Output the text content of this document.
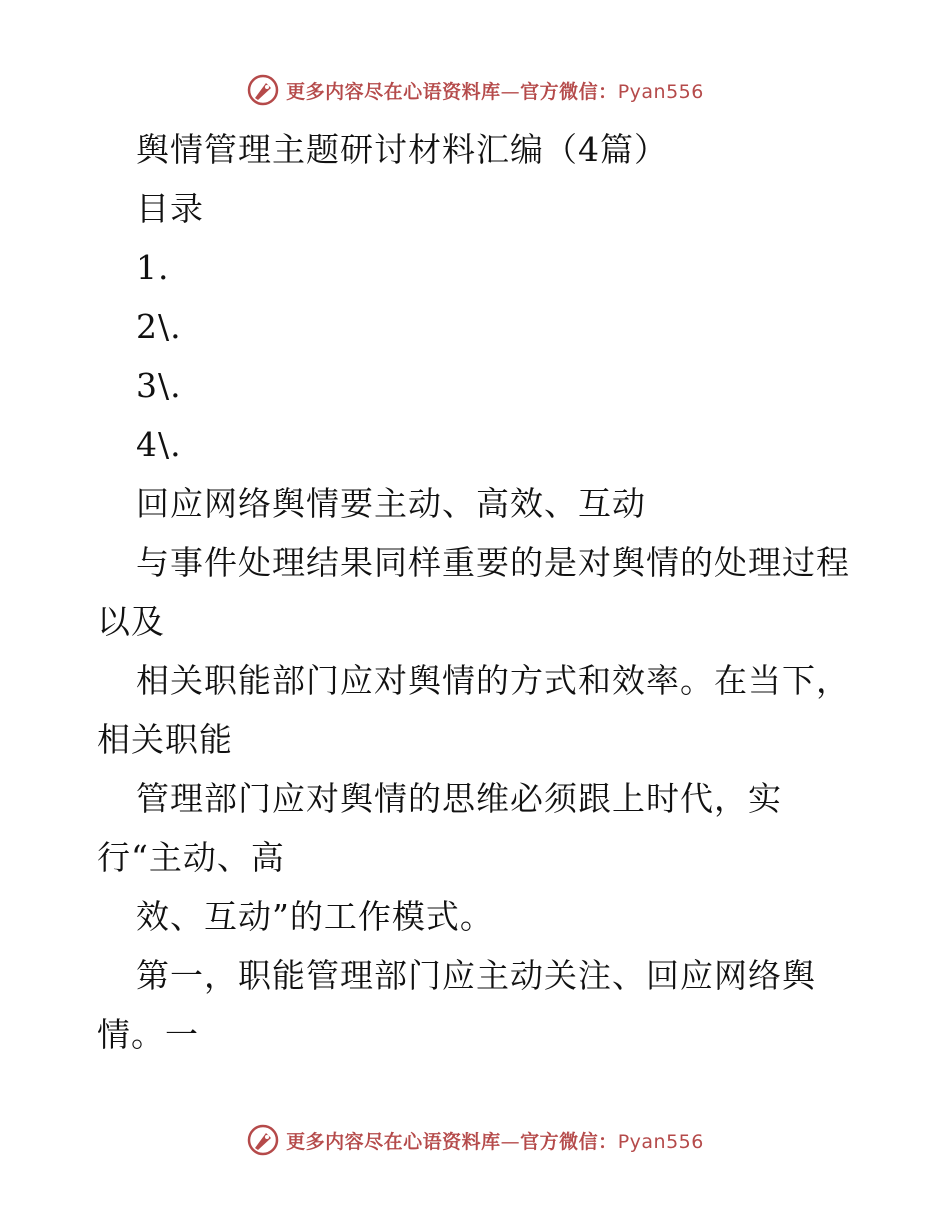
更多内容尽在心语资料库—官方微信：Pyan556
舆情管理主题研讨材料汇编（4篇）
目录
1.
2\.
3\.
4\.
回应网络舆情要主动、高效、互动
与事件处理结果同样重要的是对舆情的处理过程
以及
相关职能部门应对舆情的方式和效率。在当下，
相关职能
管理部门应对舆情的思维必须跟上时代，实
行“主动、高
效、互动”的工作模式。
第一，职能管理部门应主动关注、回应网络舆
情。一
更多内容尽在心语资料库—官方微信：Pyan556
